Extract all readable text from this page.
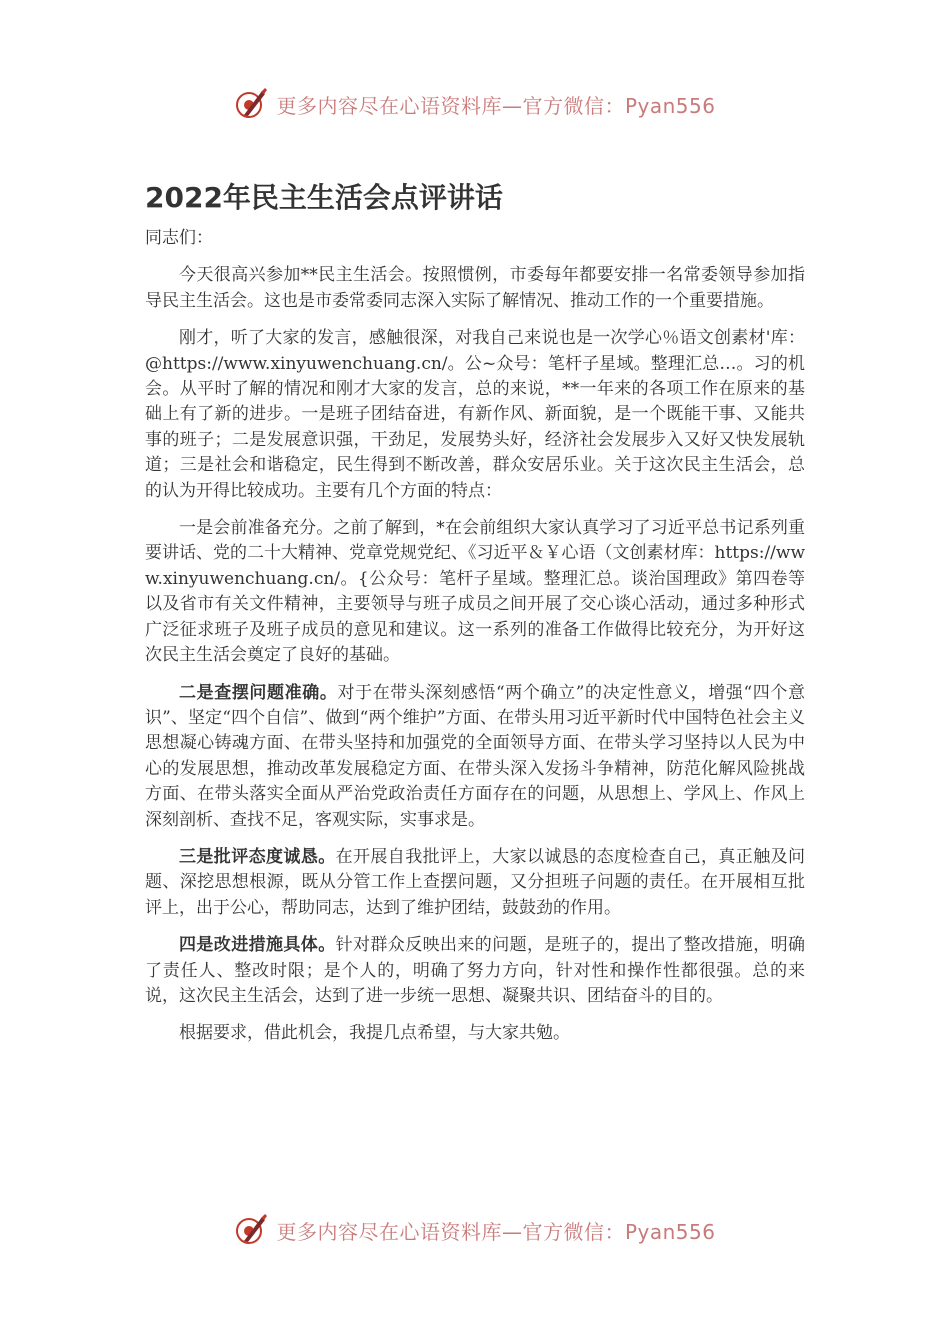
更多内容尽在心语资料库—官方微信：Pyan556
2022年民主生活会点评讲话

同志们：

今天很高兴参加**民主生活会。按照惯例，市委每年都要安排一名常委领导参加指导民主生活会。这也是市委常委同志深入实际了解情况、推动工作的一个重要措施。

刚才，听了大家的发言，感触很深，对我自己来说也是一次学心％语文创素材'库：@https://www.xinyuwenchuang.cn/。公~众号：笔杆子星域。整理汇总…。习的机会。从平时了解的情况和刚才大家的发言，总的来说，**一年来的各项工作在原来的基础上有了新的进步。一是班子团结奋进，有新作风、新面貌，是一个既能干事、又能共事的班子；二是发展意识强，干劲足，发展势头好，经济社会发展步入又好又快发展轨道；三是社会和谐稳定，民生得到不断改善，群众安居乐业。关于这次民主生活会，总的认为开得比较成功。主要有几个方面的特点：

一是会前准备充分。之前了解到，*在会前组织大家认真学习了习近平总书记系列重要讲话、党的二十大精神、党章党规党纪、《习近平＆￥心语（文创素材库：https://www.xinyuwenchuang.cn/。{公众号：笔杆子星域。整理汇总。谈治国理政》第四卷等以及省市有关文件精神，主要领导与班子成员之间开展了交心谈心活动，通过多种形式广泛征求班子及班子成员的意见和建议。这一系列的准备工作做得比较充分，为开好这次民主生活会奠定了良好的基础。

二是查摆问题准确。对于在带头深刻感悟“两个确立”的决定性意义，增强“四个意识”、坚定“四个自信”、做到“两个维护”方面、在带头用习近平新时代中国特色社会主义思想凝心铸魂方面、在带头坚持和加强党的全面领导方面、在带头学习坚持以人民为中心的发展思想，推动改革发展稳定方面、在带头深入发扬斗争精神，防范化解风险挑战方面、在带头落实全面从严治党政治责任方面存在的问题，从思想上、学风上、作风上深刻剖析、查找不足，客观实际，实事求是。

三是批评态度诚恳。在开展自我批评上，大家以诚恳的态度检查自己，真正触及问题、深挖思想根源，既从分管工作上查摆问题，又分担班子问题的责任。在开展相互批评上，出于公心，帮助同志，达到了维护团结，鼓鼓劲的作用。

四是改进措施具体。针对群众反映出来的问题，是班子的，提出了整改措施，明确了责任人、整改时限；是个人的，明确了努力方向，针对性和操作性都很强。总的来说，这次民主生活会，达到了进一步统一思想、凝聚共识、团结奋斗的目的。

根据要求，借此机会，我提几点希望，与大家共勉。

更多内容尽在心语资料库—官方微信：Pyan556
